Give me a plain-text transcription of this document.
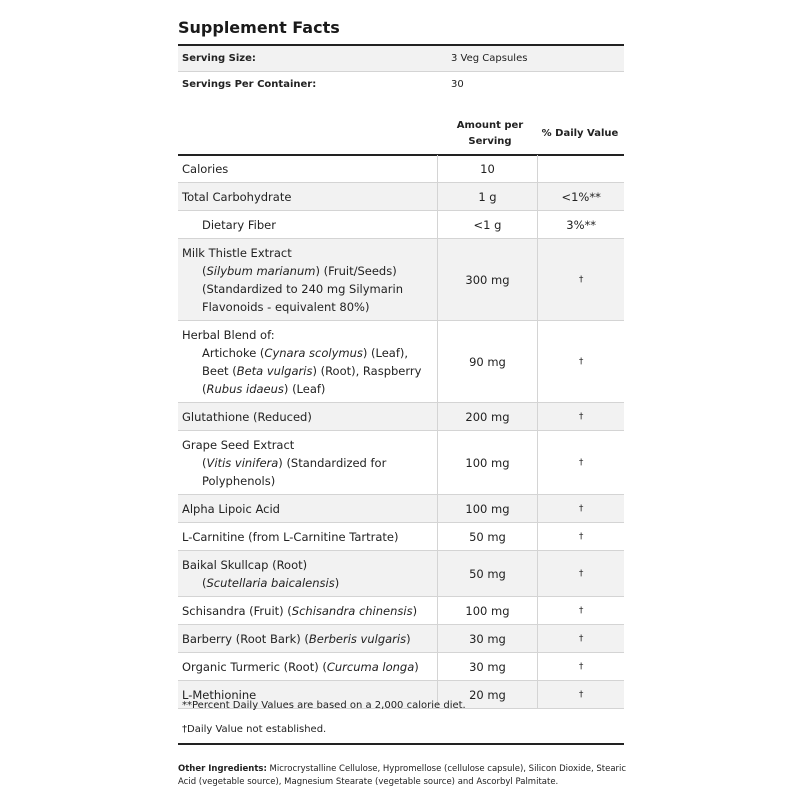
Supplement Facts
Serving Size:	3 Veg Capsules
Servings Per Container:	30
Amount per
Serving
% Daily Value
Calories	10	
Total Carbohydrate	1 g	<1%**
Dietary Fiber	<1 g	3%**
Milk Thistle Extract
(Silybum marianum) (Fruit/Seeds) (Standardized to 240 mg Silymarin Flavonoids - equivalent 80%)	300 mg	†
Herbal Blend of:
Artichoke (Cynara scolymus) (Leaf), Beet (Beta vulgaris) (Root), Raspberry (Rubus idaeus) (Leaf)	90 mg	†
Glutathione (Reduced)	200 mg	†
Grape Seed Extract
(Vitis vinifera) (Standardized for Polyphenols)	100 mg	†
Alpha Lipoic Acid	100 mg	†
L-Carnitine (from L-Carnitine Tartrate)	50 mg	†
Baikal Skullcap (Root)
(Scutellaria baicalensis)	50 mg	†
Schisandra (Fruit) (Schisandra chinensis)	100 mg	†
Barberry (Root Bark) (Berberis vulgaris)	30 mg	†
Organic Turmeric (Root) (Curcuma longa)	30 mg	†
L-Methionine	20 mg	†
**Percent Daily Values are based on a 2,000 calorie diet.
†Daily Value not established.
Other Ingredients: Microcrystalline Cellulose, Hypromellose (cellulose capsule), Silicon Dioxide, Stearic Acid (vegetable source), Magnesium Stearate (vegetable source) and Ascorbyl Palmitate.
